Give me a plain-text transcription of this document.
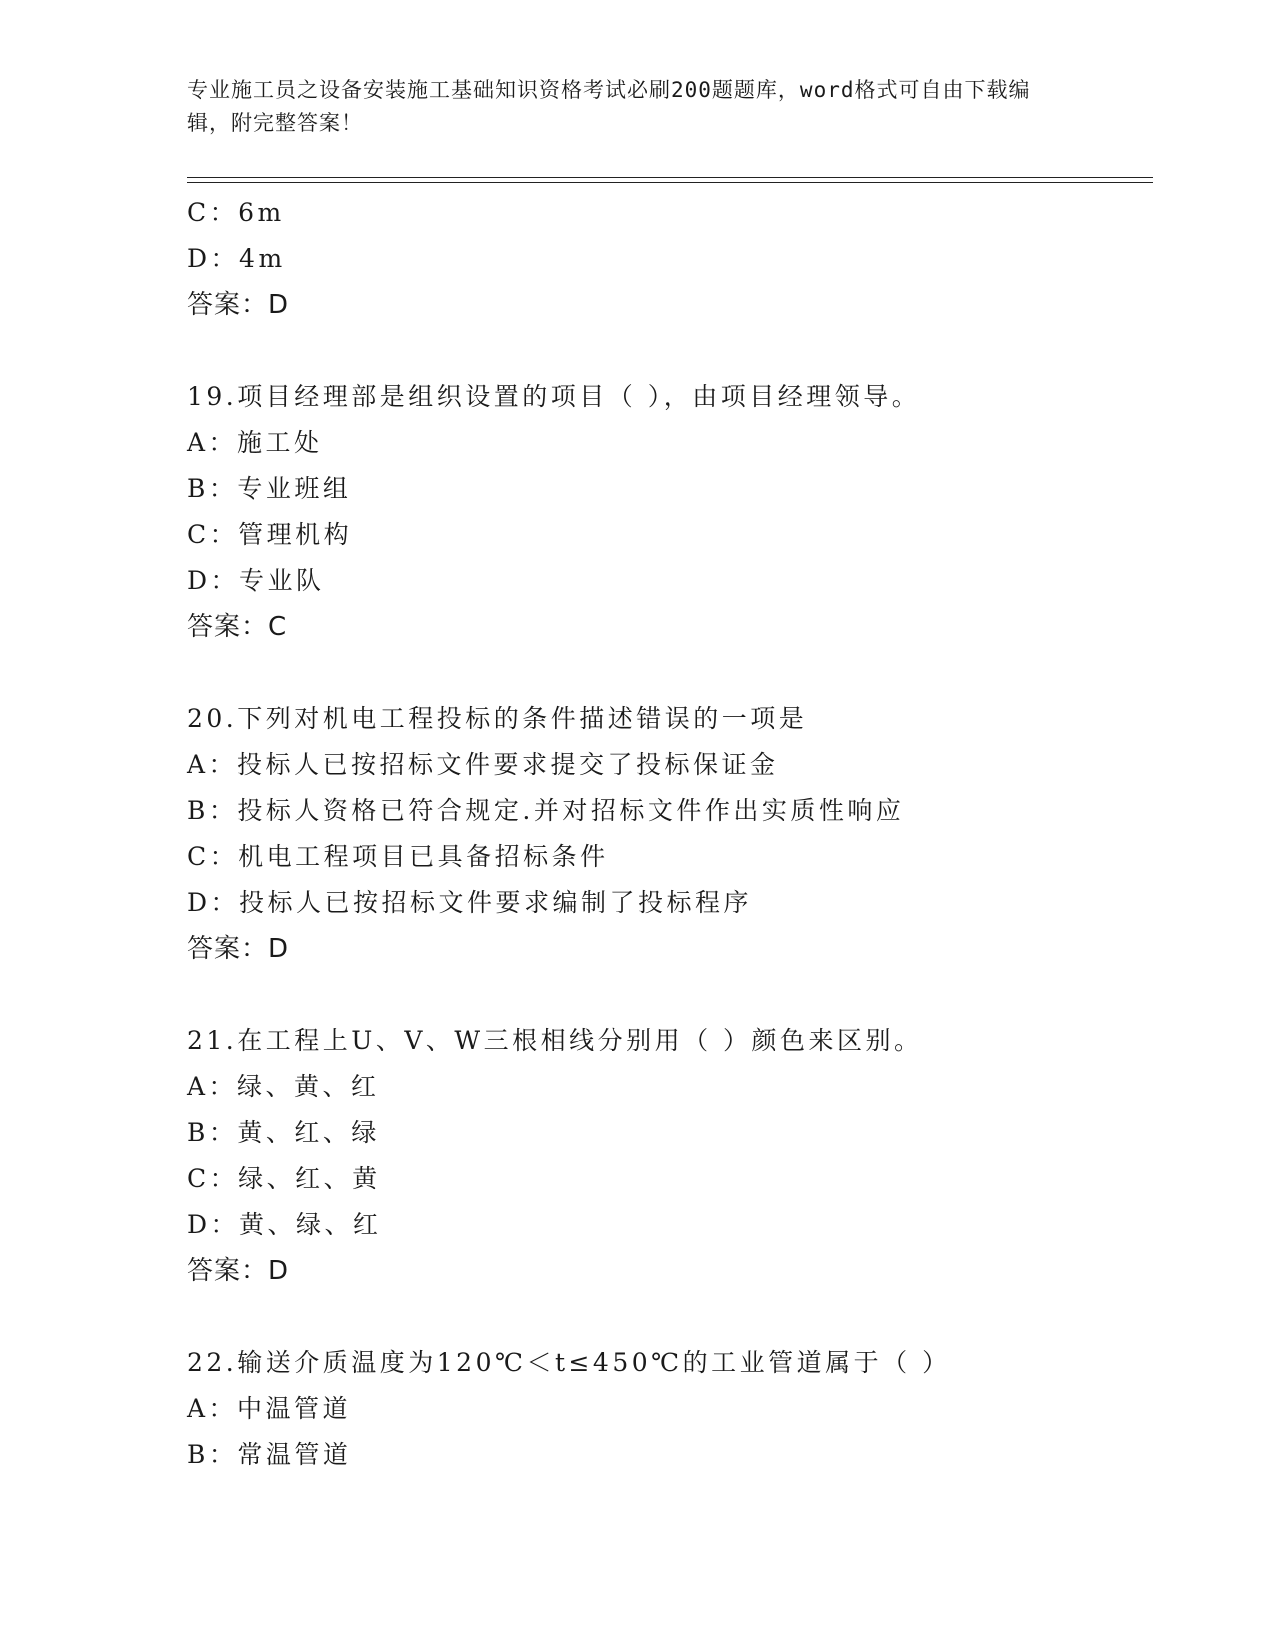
专业施工员之设备安装施工基础知识资格考试必刷200题题库，word格式可自由下载编辑，附完整答案！
C：6m
D：4m
答案：D
19.项目经理部是组织设置的项目（ ），由项目经理领导。
A：施工处
B：专业班组
C：管理机构
D：专业队
答案：C
20.下列对机电工程投标的条件描述错误的一项是
A：投标人已按招标文件要求提交了投标保证金
B：投标人资格已符合规定.并对招标文件作出实质性响应
C：机电工程项目已具备招标条件
D：投标人已按招标文件要求编制了投标程序
答案：D
21.在工程上U、V、W三根相线分别用（ ）颜色来区别。
A：绿、黄、红
B：黄、红、绿
C：绿、红、黄
D：黄、绿、红
答案：D
22.输送介质温度为120℃＜t≤450℃的工业管道属于（ ）
A：中温管道
B：常温管道
